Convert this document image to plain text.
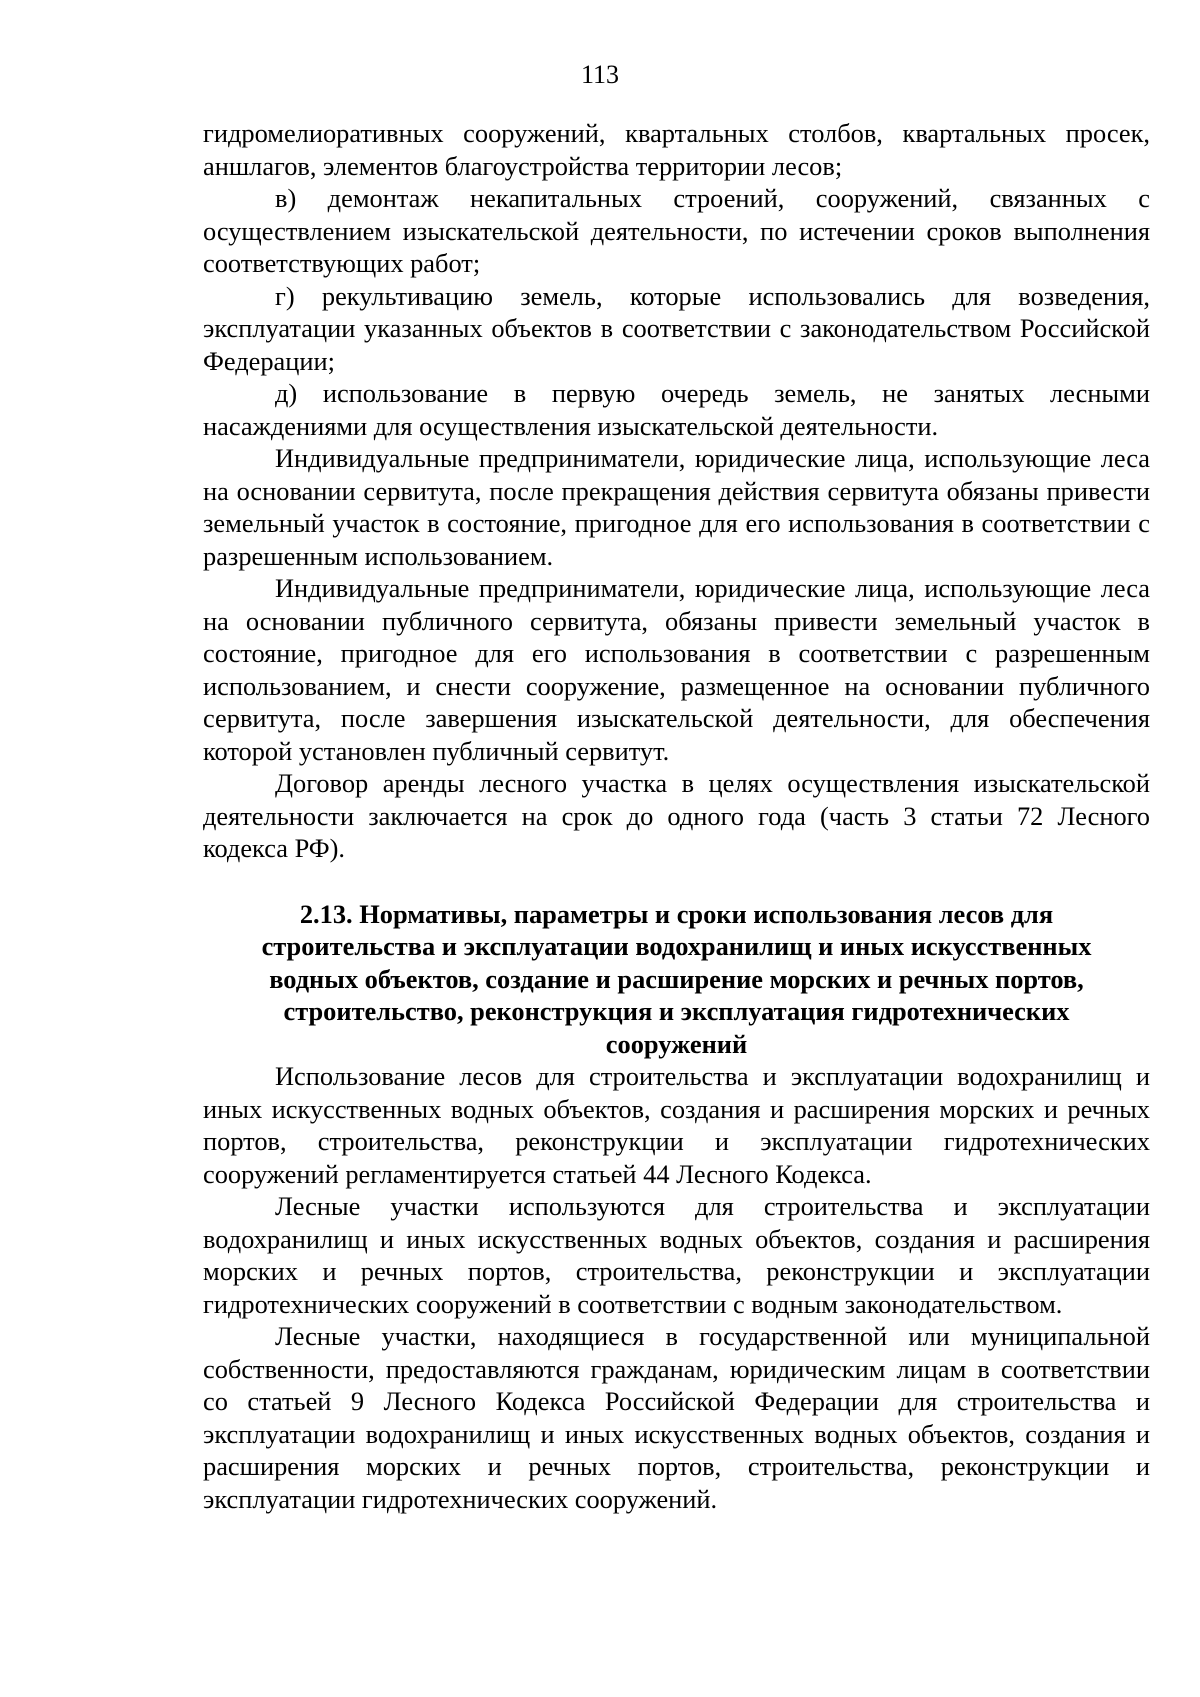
113

гидромелиоративных сооружений, квартальных столбов, квартальных просек, аншлагов, элементов благоустройства территории лесов;

в) демонтаж некапитальных строений, сооружений, связанных с осуществлением изыскательской деятельности, по истечении сроков выполнения соответствующих работ;

г) рекультивацию земель, которые использовались для возведения, эксплуатации указанных объектов в соответствии с законодательством Российской Федерации;

д) использование в первую очередь земель, не занятых лесными насаждениями для осуществления изыскательской деятельности.

Индивидуальные предприниматели, юридические лица, использующие леса на основании сервитута, после прекращения действия сервитута обязаны привести земельный участок в состояние, пригодное для его использования в соответствии с разрешенным использованием.

Индивидуальные предприниматели, юридические лица, использующие леса на основании публичного сервитута, обязаны привести земельный участок в состояние, пригодное для его использования в соответствии с разрешенным использованием, и снести сооружение, размещенное на основании публичного сервитута, после завершения изыскательской деятельности, для обеспечения которой установлен публичный сервитут.

Договор аренды лесного участка в целях осуществления изыскательской деятельности заключается на срок до одного года (часть 3 статьи 72 Лесного кодекса РФ).

2.13. Нормативы, параметры и сроки использования лесов для строительства и эксплуатации водохранилищ и иных искусственных водных объектов, создание и расширение морских и речных портов, строительство, реконструкция и эксплуатация гидротехнических сооружений

Использование лесов для строительства и эксплуатации водохранилищ и иных искусственных водных объектов, создания и расширения морских и речных портов, строительства, реконструкции и эксплуатации гидротехнических сооружений регламентируется статьей 44 Лесного Кодекса.

Лесные участки используются для строительства и эксплуатации водохранилищ и иных искусственных водных объектов, создания и расширения морских и речных портов, строительства, реконструкции и эксплуатации гидротехнических сооружений в соответствии с водным законодательством.

Лесные участки, находящиеся в государственной или муниципальной собственности, предоставляются гражданам, юридическим лицам в соответствии со статьей 9 Лесного Кодекса Российской Федерации для строительства и эксплуатации водохранилищ и иных искусственных водных объектов, создания и расширения морских и речных портов, строительства, реконструкции и эксплуатации гидротехнических сооружений.
